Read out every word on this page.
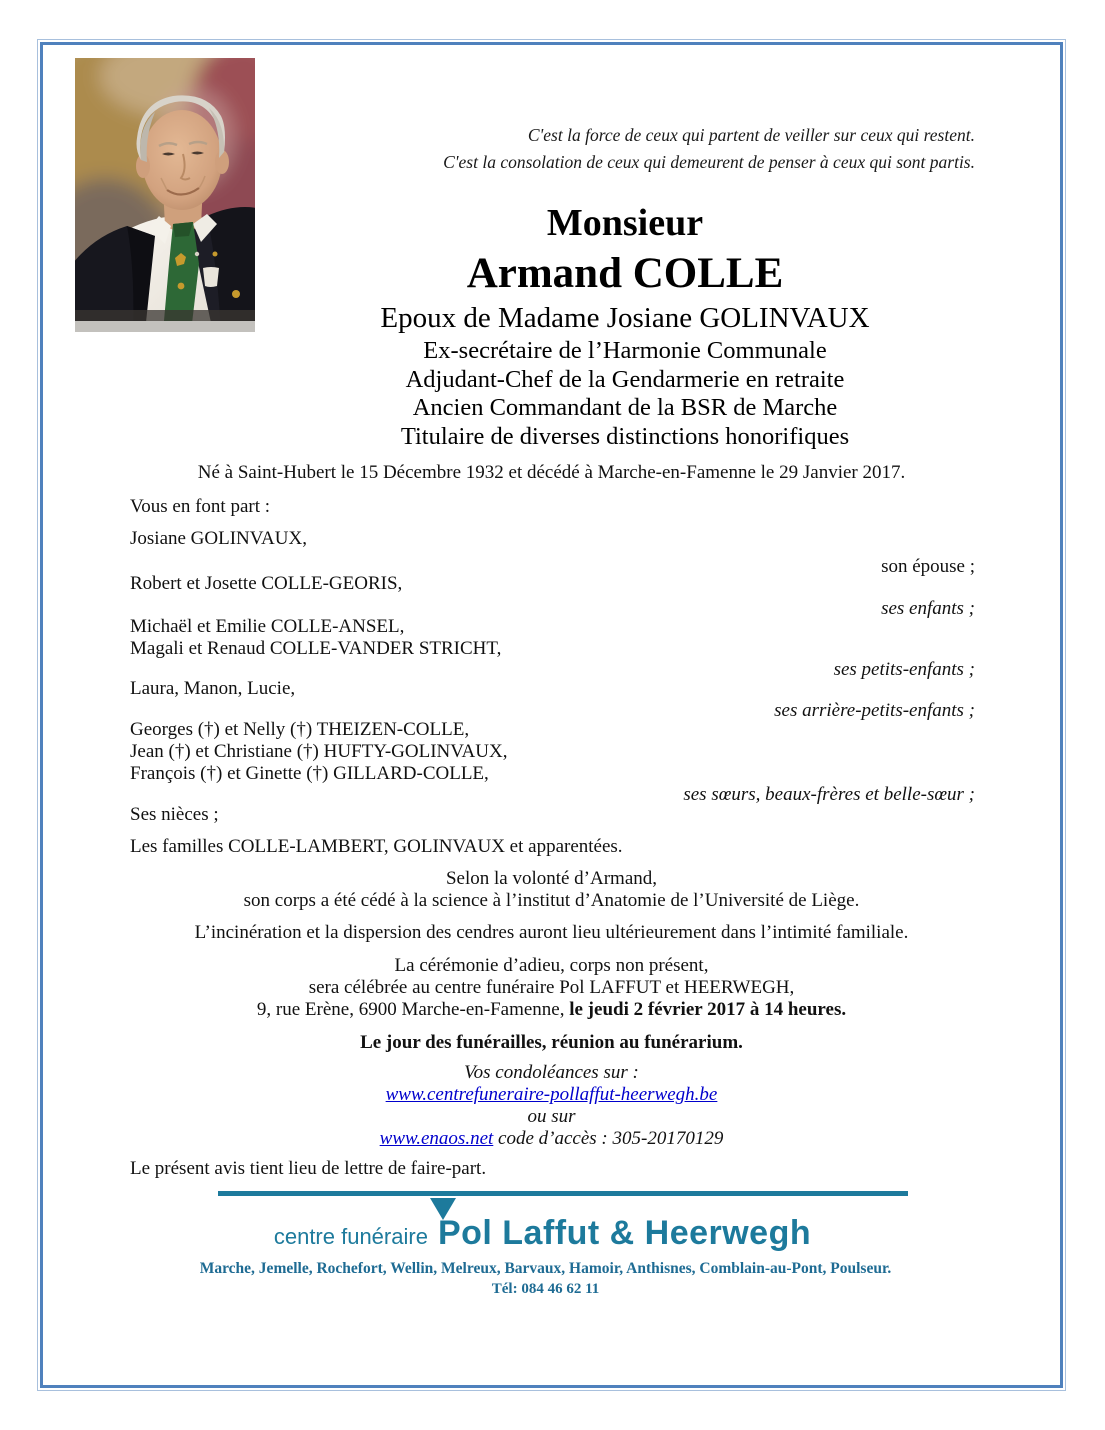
C'est la force de ceux qui partent de veiller sur ceux qui restent.
C'est la consolation de ceux qui demeurent de penser à ceux qui sont partis.
Monsieur
Armand COLLE
Epoux de Madame Josiane GOLINVAUX
Ex-secrétaire de l’Harmonie Communale
Adjudant-Chef de la Gendarmerie en retraite
Ancien Commandant de la BSR de Marche
Titulaire de diverses distinctions honorifiques
Né à Saint-Hubert le 15 Décembre 1932 et décédé à Marche-en-Famenne le 29 Janvier 2017.
Vous en font part :
Josiane GOLINVAUX,
son épouse ;
Robert et Josette COLLE-GEORIS,
ses enfants ;
Michaël et Emilie COLLE-ANSEL,
Magali et Renaud COLLE-VANDER STRICHT,
ses petits-enfants ;
Laura, Manon, Lucie,
ses arrière-petits-enfants ;
Georges (†) et Nelly (†) THEIZEN-COLLE,
Jean (†) et Christiane (†) HUFTY-GOLINVAUX,
François (†) et Ginette (†) GILLARD-COLLE,
ses sœurs, beaux-frères et belle-sœur ;
Ses nièces ;
Les familles COLLE-LAMBERT, GOLINVAUX et apparentées.
Selon la volonté d’Armand,
son corps a été cédé à la science à l’institut d’Anatomie de l’Université de Liège.
L’incinération et la dispersion des cendres auront lieu ultérieurement dans l’intimité familiale.
La cérémonie d’adieu, corps non présent,
sera célébrée au centre funéraire Pol LAFFUT et HEERWEGH,
9, rue Erène, 6900 Marche-en-Famenne, le jeudi 2 février 2017 à 14 heures.
Le jour des funérailles, réunion au funérarium.
Vos condoléances sur :
www.centrefuneraire-pollaffut-heerwegh.be
ou sur
www.enaos.net code d’accès : 305-20170129
Le présent avis tient lieu de lettre de faire-part.
centre funéraire Pol Laffut & Heerwegh
Marche, Jemelle, Rochefort, Wellin, Melreux, Barvaux, Hamoir, Anthisnes, Comblain-au-Pont, Poulseur.
Tél: 084 46 62 11
